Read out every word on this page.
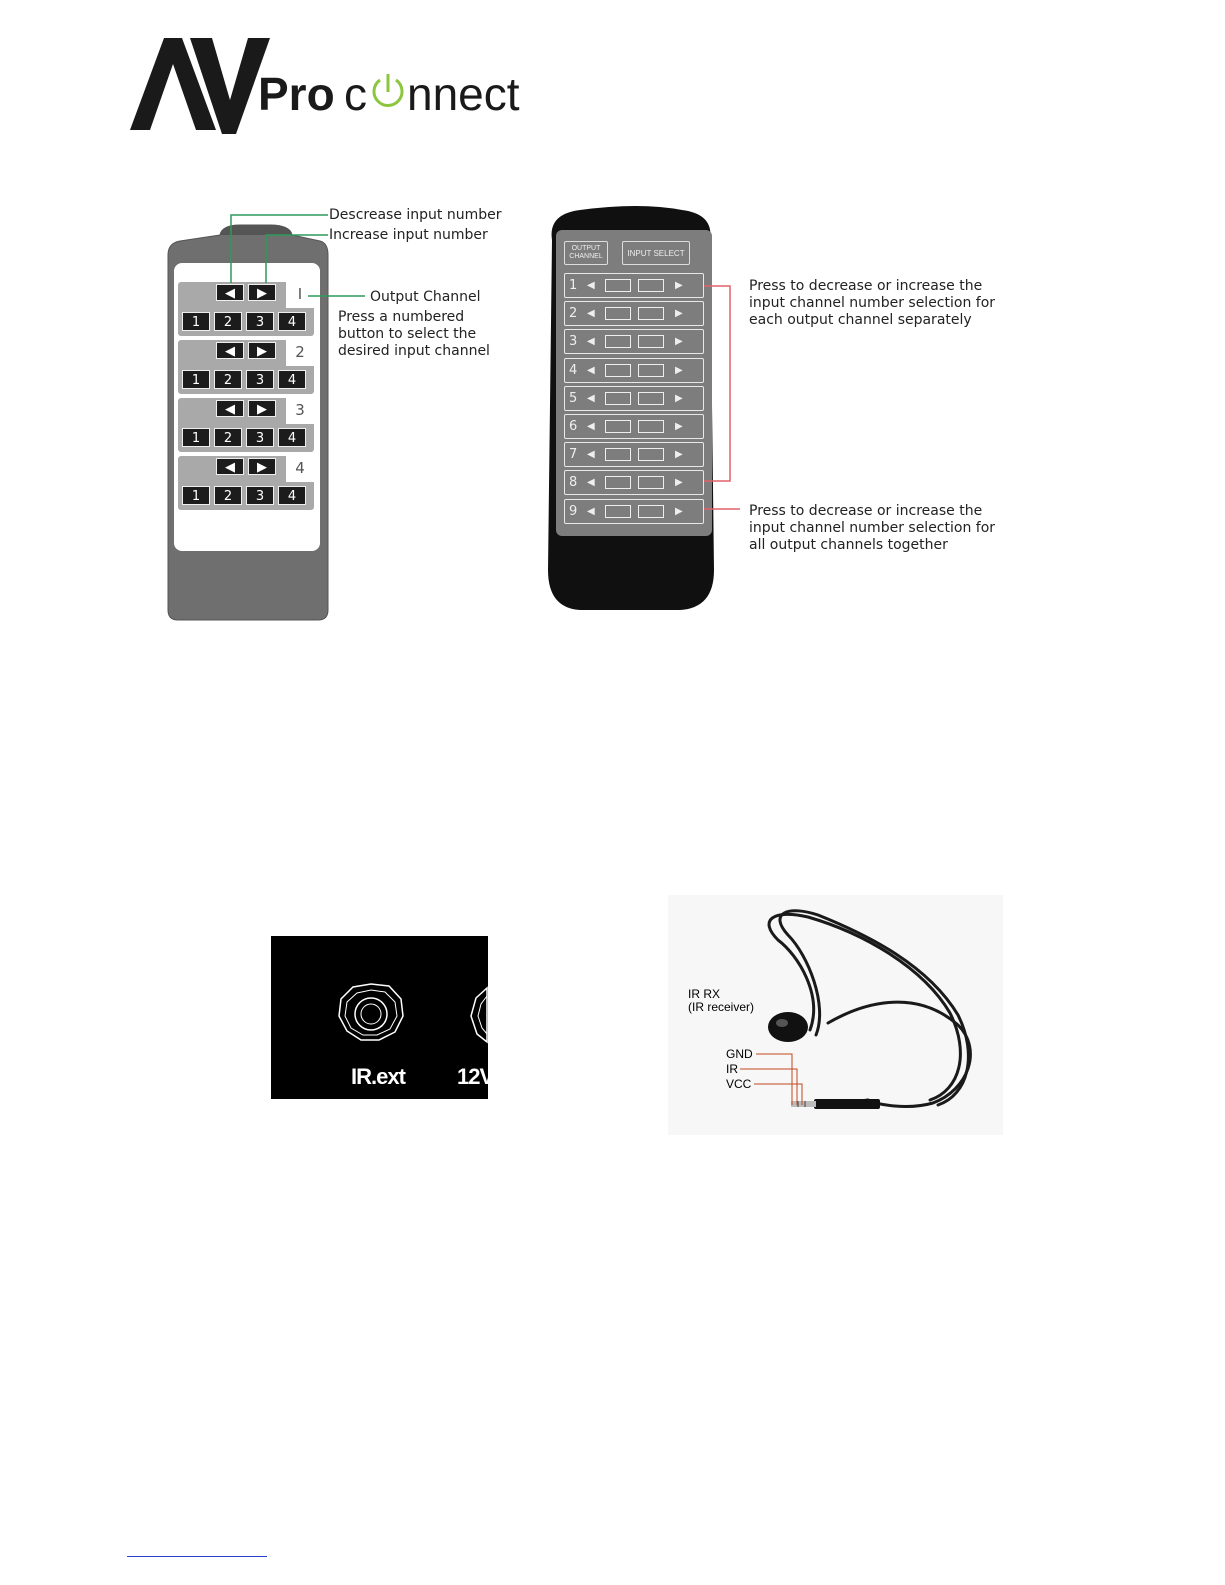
Pro c nnect
◀	▶	I
1	2	3	4
◀	▶	2
1	2	3	4
◀	▶	3
1	2	3	4
◀	▶	4
1	2	3	4
Descrease input number
Increase input number
Output Channel
Press a numbered
button to select the
desired input channel
OUTPUT
CHANNEL	INPUT SELECT
1 ◀	▶
2 ◀	▶
3 ◀	▶
4 ◀	▶
5 ◀	▶
6 ◀	▶
7 ◀	▶
8 ◀	▶
9 ◀	▶
Press to decrease or increase the
input channel number selection for
each output channel separately
Press to decrease or increase the
input channel number selection for
all output channels together
IR.ext 12V
IR RX
(IR receiver)
GND
IR
VCC
